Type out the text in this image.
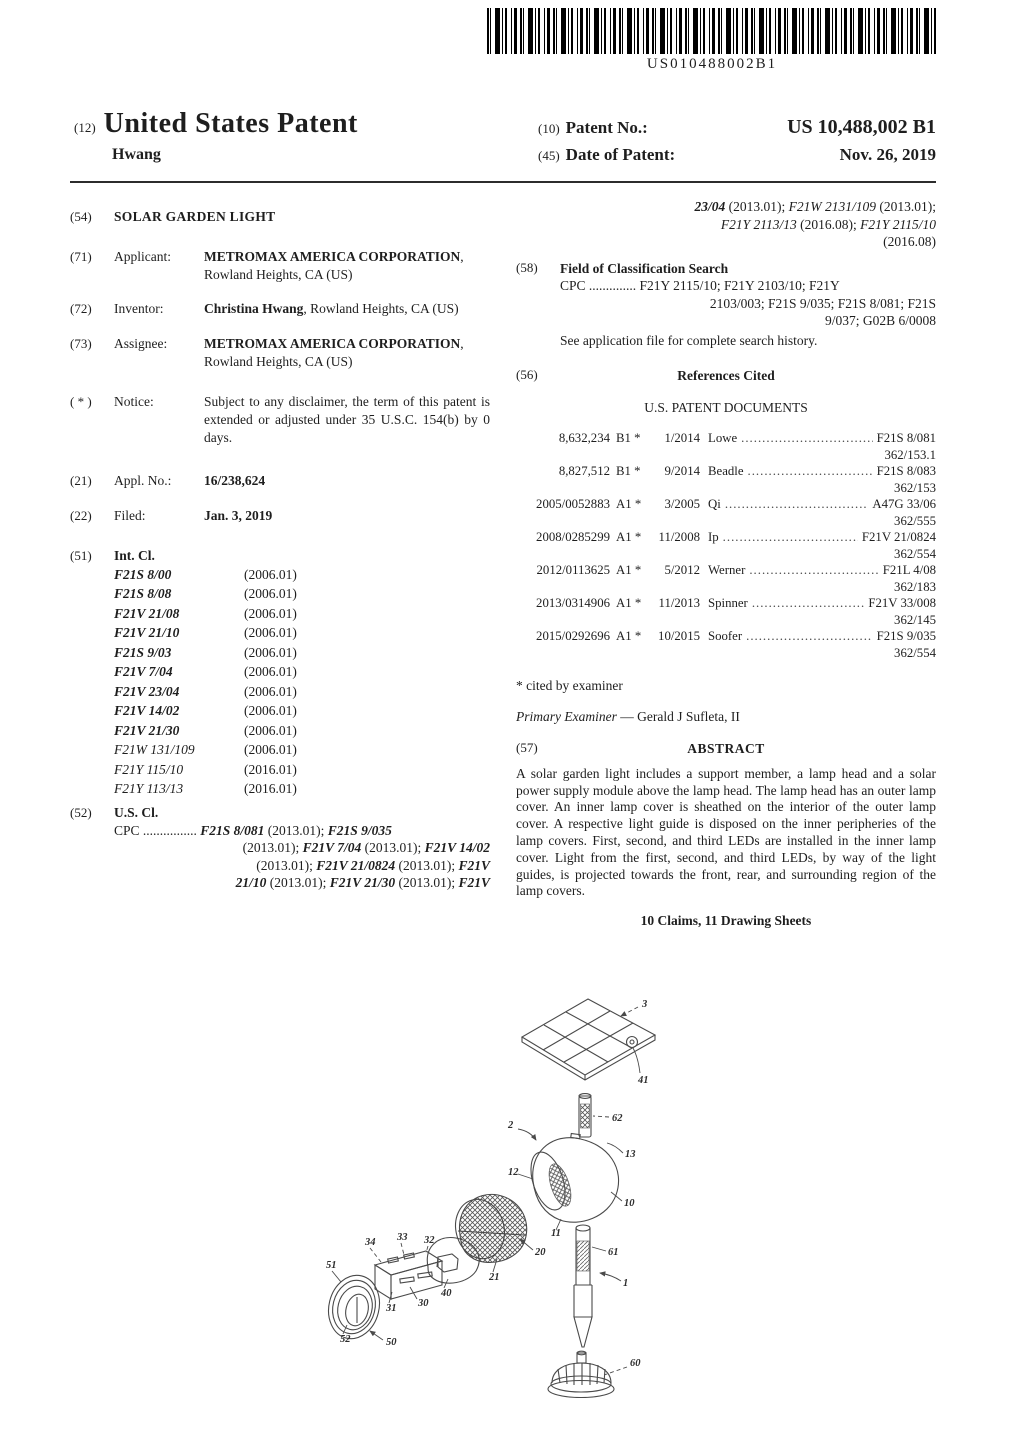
US010488002B1
(12) United States Patent
Hwang
(10) Patent No.:	US 10,488,002 B1
(45) Date of Patent:	Nov. 26, 2019
(54)	SOLAR GARDEN LIGHT
(71)	Applicant:	METROMAX AMERICA CORPORATION, Rowland Heights, CA (US)
(72)	Inventor:	Christina Hwang, Rowland Heights, CA (US)
(73)	Assignee:	METROMAX AMERICA CORPORATION, Rowland Heights, CA (US)
( * )	Notice:	Subject to any disclaimer, the term of this patent is extended or adjusted under 35 U.S.C. 154(b) by 0 days.
(21)	Appl. No.:	16/238,624
(22)	Filed:	Jan. 3, 2019
(51)	Int. Cl.
F21S 8/00	(2006.01)
F21S 8/08	(2006.01)
F21V 21/08	(2006.01)
F21V 21/10	(2006.01)
F21S 9/03	(2006.01)
F21V 7/04	(2006.01)
F21V 23/04	(2006.01)
F21V 14/02	(2006.01)
F21V 21/30	(2006.01)
F21W 131/109	(2006.01)
F21Y 115/10	(2016.01)
F21Y 113/13	(2016.01)
(52)	U.S. Cl.
CPC ................ F21S 8/081 (2013.01); F21S 9/035
(2013.01); F21V 7/04 (2013.01); F21V 14/02
(2013.01); F21V 21/0824 (2013.01); F21V
21/10 (2013.01); F21V 21/30 (2013.01); F21V
23/04 (2013.01); F21W 2131/109 (2013.01);
F21Y 2113/13 (2016.08); F21Y 2115/10
(2016.08)
(58)	Field of Classification Search
CPC .............. F21Y 2115/10; F21Y 2103/10; F21Y
2103/003; F21S 9/035; F21S 8/081; F21S
9/037; G02B 6/0008
See application file for complete search history.
(56)	References Cited
U.S. PATENT DOCUMENTS
8,632,234 B1 *	1/2014 Lowe .....	F21S 8/081
362/153.1
8,827,512 B1 *	9/2014 Beadle .....	F21S 8/083
362/153
2005/0052883 A1 *	3/2005 Qi .....	A47G 33/06
362/555
2008/0285299 A1 *	11/2008 Ip .....	F21V 21/0824
362/554
2012/0113625 A1 *	5/2012 Werner .....	F21L 4/08
362/183
2013/0314906 A1 *	11/2013 Spinner .....	F21V 33/008
362/145
2015/0292696 A1 *	10/2015 Soofer .....	F21S 9/035
362/554
* cited by examiner
Primary Examiner — Gerald J Sufleta, II
(57)	ABSTRACT
A solar garden light includes a support member, a lamp head and a solar power supply module above the lamp head. The lamp head has an outer lamp cover. An inner lamp cover is sheathed on the interior of the outer lamp cover. A respective light guide is disposed on the inner peripheries of the lamp covers. First, second, and third LEDs are installed in the inner lamp cover. Light from the first, second, and third LEDs, by way of the light guides, is projected towards the front, rear, and surrounding region of the lamp covers.
10 Claims, 11 Drawing Sheets
3
41
62
2
13
10
12
11
20
21
40
34 33 32
30
31
51
52	50
61
1
60
